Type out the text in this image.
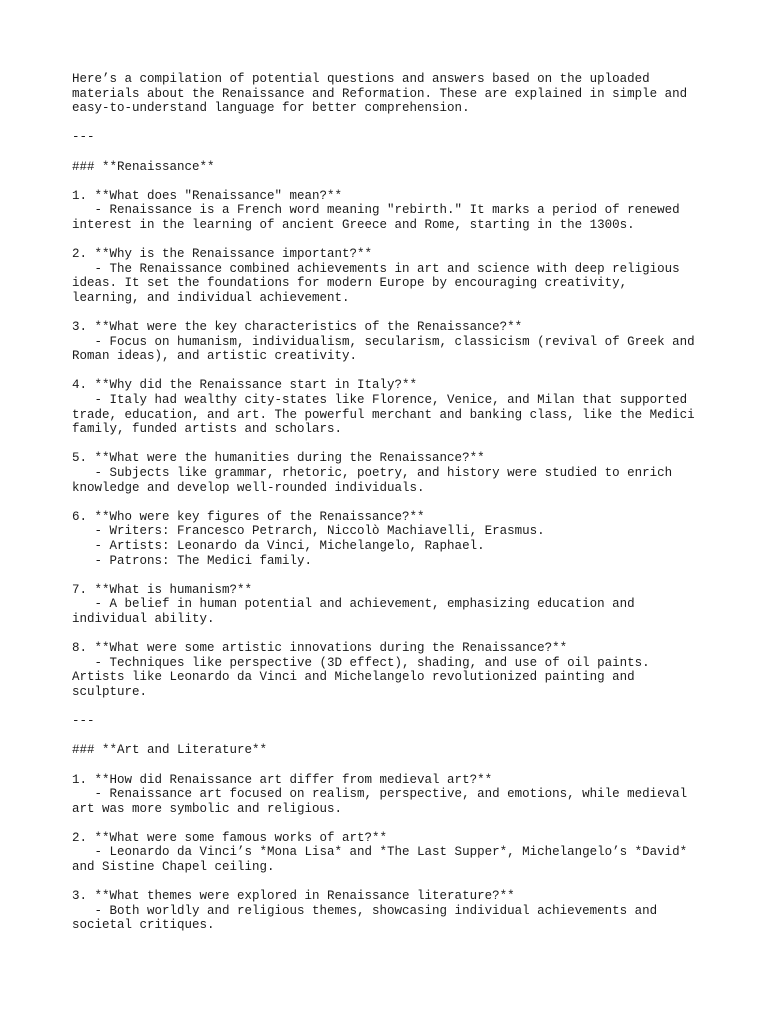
Here’s a compilation of potential questions and answers based on the uploaded
materials about the Renaissance and Reformation. These are explained in simple and
easy-to-understand language for better comprehension.
---
### **Renaissance**
1. **What does "Renaissance" mean?**
- Renaissance is a French word meaning "rebirth." It marks a period of renewed
interest in the learning of ancient Greece and Rome, starting in the 1300s.
2. **Why is the Renaissance important?**
- The Renaissance combined achievements in art and science with deep religious
ideas. It set the foundations for modern Europe by encouraging creativity,
learning, and individual achievement.
3. **What were the key characteristics of the Renaissance?**
- Focus on humanism, individualism, secularism, classicism (revival of Greek and
Roman ideas), and artistic creativity.
4. **Why did the Renaissance start in Italy?**
- Italy had wealthy city-states like Florence, Venice, and Milan that supported
trade, education, and art. The powerful merchant and banking class, like the Medici
family, funded artists and scholars.
5. **What were the humanities during the Renaissance?**
- Subjects like grammar, rhetoric, poetry, and history were studied to enrich
knowledge and develop well-rounded individuals.
6. **Who were key figures of the Renaissance?**
- Writers: Francesco Petrarch, Niccolò Machiavelli, Erasmus.
- Artists: Leonardo da Vinci, Michelangelo, Raphael.
- Patrons: The Medici family.
7. **What is humanism?**
- A belief in human potential and achievement, emphasizing education and
individual ability.
8. **What were some artistic innovations during the Renaissance?**
- Techniques like perspective (3D effect), shading, and use of oil paints.
Artists like Leonardo da Vinci and Michelangelo revolutionized painting and
sculpture.
---
### **Art and Literature**
1. **How did Renaissance art differ from medieval art?**
- Renaissance art focused on realism, perspective, and emotions, while medieval
art was more symbolic and religious.
2. **What were some famous works of art?**
- Leonardo da Vinci’s *Mona Lisa* and *The Last Supper*, Michelangelo’s *David*
and Sistine Chapel ceiling.
3. **What themes were explored in Renaissance literature?**
- Both worldly and religious themes, showcasing individual achievements and
societal critiques.
